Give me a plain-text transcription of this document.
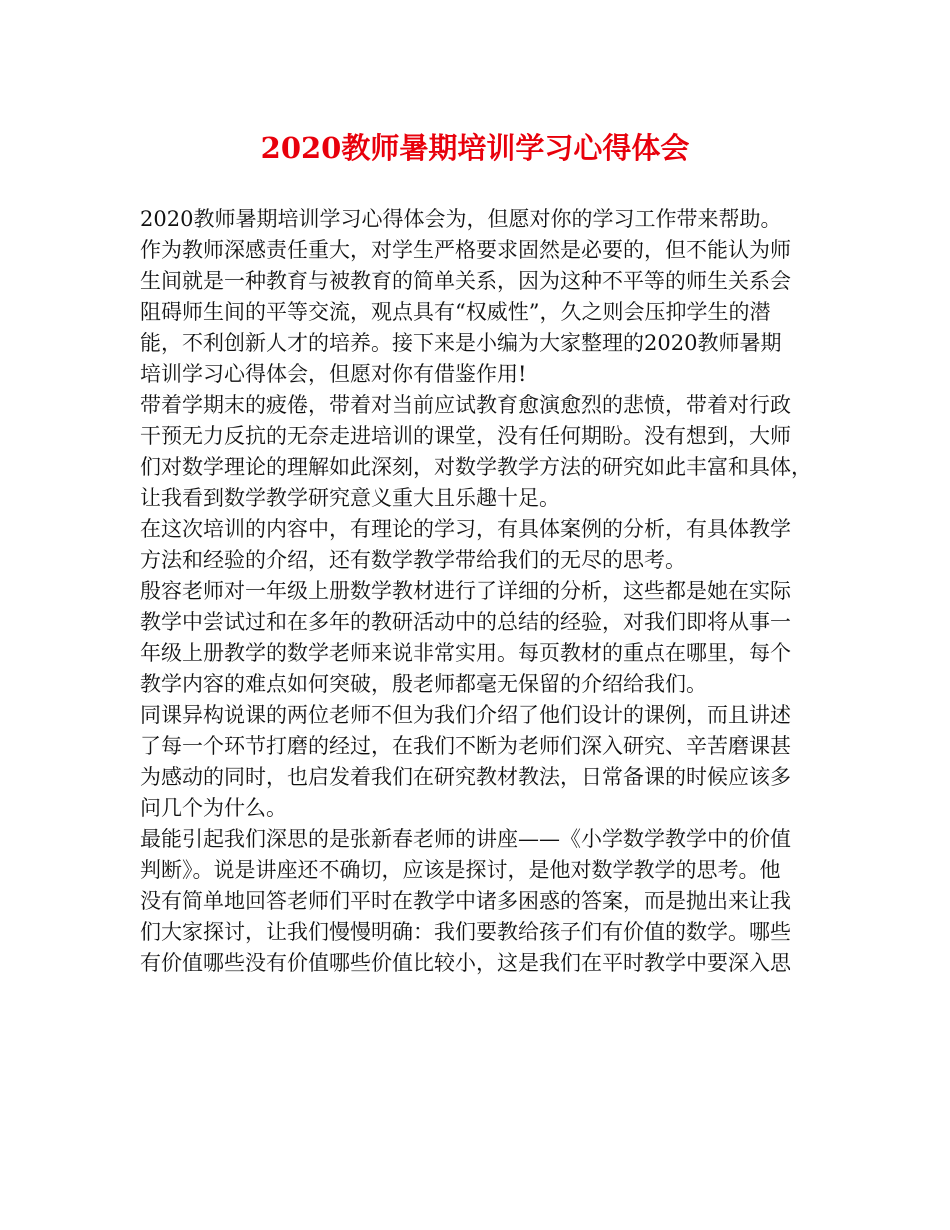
2020教师暑期培训学习心得体会
2020教师暑期培训学习心得体会为，但愿对你的学习工作带来帮助。
作为教师深感责任重大，对学生严格要求固然是必要的，但不能认为师
生间就是一种教育与被教育的简单关系，因为这种不平等的师生关系会
阻碍师生间的平等交流，观点具有“权威性”，久之则会压抑学生的潜
能，不利创新人才的培养。接下来是小编为大家整理的2020教师暑期
培训学习心得体会，但愿对你有借鉴作用!
带着学期末的疲倦，带着对当前应试教育愈演愈烈的悲愤，带着对行政
干预无力反抗的无奈走进培训的课堂，没有任何期盼。没有想到，大师
们对数学理论的理解如此深刻，对数学教学方法的研究如此丰富和具体，
让我看到数学教学研究意义重大且乐趣十足。
在这次培训的内容中，有理论的学习，有具体案例的分析，有具体教学
方法和经验的介绍，还有数学教学带给我们的无尽的思考。
殷容老师对一年级上册数学教材进行了详细的分析，这些都是她在实际
教学中尝试过和在多年的教研活动中的总结的经验，对我们即将从事一
年级上册教学的数学老师来说非常实用。每页教材的重点在哪里，每个
教学内容的难点如何突破，殷老师都毫无保留的介绍给我们。
同课异构说课的两位老师不但为我们介绍了他们设计的课例，而且讲述
了每一个环节打磨的经过，在我们不断为老师们深入研究、辛苦磨课甚
为感动的同时，也启发着我们在研究教材教法，日常备课的时候应该多
问几个为什么。
最能引起我们深思的是张新春老师的讲座——《小学数学教学中的价值
判断》。说是讲座还不确切，应该是探讨，是他对数学教学的思考。他
没有简单地回答老师们平时在教学中诸多困惑的答案，而是抛出来让我
们大家探讨，让我们慢慢明确：我们要教给孩子们有价值的数学。哪些
有价值哪些没有价值哪些价值比较小，这是我们在平时教学中要深入思
